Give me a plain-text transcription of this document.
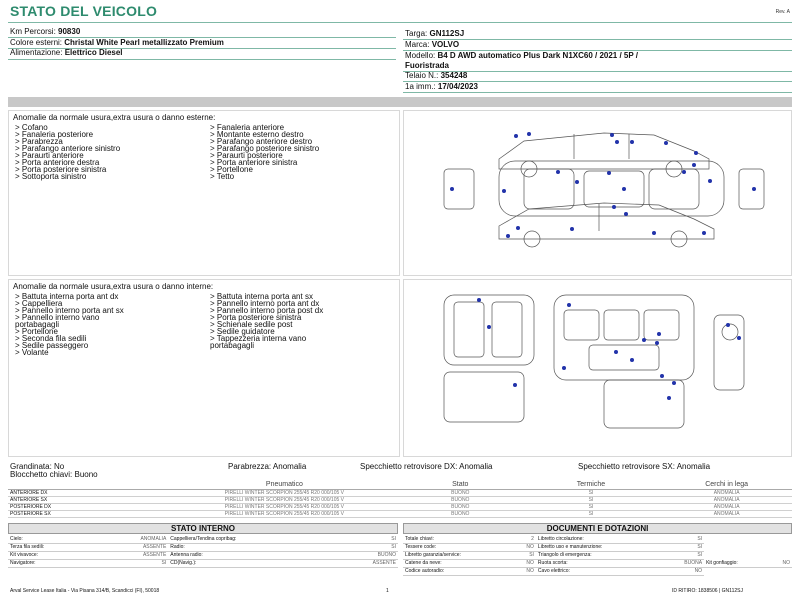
STATO DEL VEICOLO	Rev. A
Km Percorsi: 90830
Colore esterni: Christal White Pearl metallizzato Premium
Alimentazione: Elettrico Diesel
Targa: GN112SJ
Marca: VOLVO
Modello: B4 D AWD automatico Plus Dark N1XC60 / 2021 / 5P /
Fuoristrada
Telaio N.: 354248
1a imm.: 17/04/2023
Anomalie da normale usura,extra usura o danno esterne:
> Cofano
> Fanaleria posteriore
> Parabrezza
> Parafango anteriore sinistro
> Paraurti anteriore
> Porta anteriore destra
> Porta posteriore sinistra
> Sottoporta sinistro
> Fanaleria anteriore
> Montante esterno destro
> Parafango anteriore destro
> Parafango posteriore sinistro
> Paraurti posteriore
> Porta anteriore sinistra
> Portellone
> Tetto
Anomalie da normale usura,extra usura o danno interne:
> Battuta interna porta ant dx
> Cappelliera
> Pannello interno porta ant sx
> Pannello interno vano
portabagagli
> Portellone
> Seconda fila sedili
> Sedile passeggero
> Volante
> Battuta interna porta ant sx
> Pannello interno porta ant dx
> Pannello interno porta post dx
> Porta posteriore sinistra
> Schienale sedile post
> Sedile guidatore
> Tappezzeria interna vano
portabagagli
Grandinata: No	Parabrezza: Anomalia	Specchietto retrovisore DX: Anomalia	Specchietto retrovisore SX: Anomalia
Blocchetto chiavi: Buono
	Pneumatico	Stato	Termiche	Cerchi in lega
ANTERIORE DX	PIRELLI WINTER SCORPION 255/45 R20 000/105 V	BUONO	SI	ANOMALIA
ANTERIORE SX	PIRELLI WINTER SCORPION 255/45 R20 000/105 V	BUONO	SI	ANOMALIA
POSTERIORE DX	PIRELLI WINTER SCORPION 255/45 R20 000/105 V	BUONO	SI	ANOMALIA
POSTERIORE SX	PIRELLI WINTER SCORPION 255/45 R20 000/105 V	BUONO	SI	ANOMALIA
STATO INTERNO
Cielo:	ANOMALIA	Cappelliera/Tendina copribag:	SI
Terza fila sedili:	ASSENTE	Radio:	SI
Kit vivavoce:	ASSENTE	Antenna radio:	BUONO
Navigatore:	SI	CD(Navig.):	ASSENTE
DOCUMENTI E DOTAZIONI
Totale chiavi:	2	Libretto circolazione:	SI		
Tessere code:	NO	Libretto uso e manutenzione:	SI		
Libretto garanzia/service:	SI	Triangolo di emergenza:	SI		
Catene da neve:	NO	Ruota scorta:	BUONA	Kit gonfiaggio:	NO
Codice autoradio:	NO	Cavo elettrico:	NO		
Arval Service Lease Italia - Via Pisana 314/B, Scandicci (FI), 50018	1	ID RITIRO: 1838506 | GN112SJ
